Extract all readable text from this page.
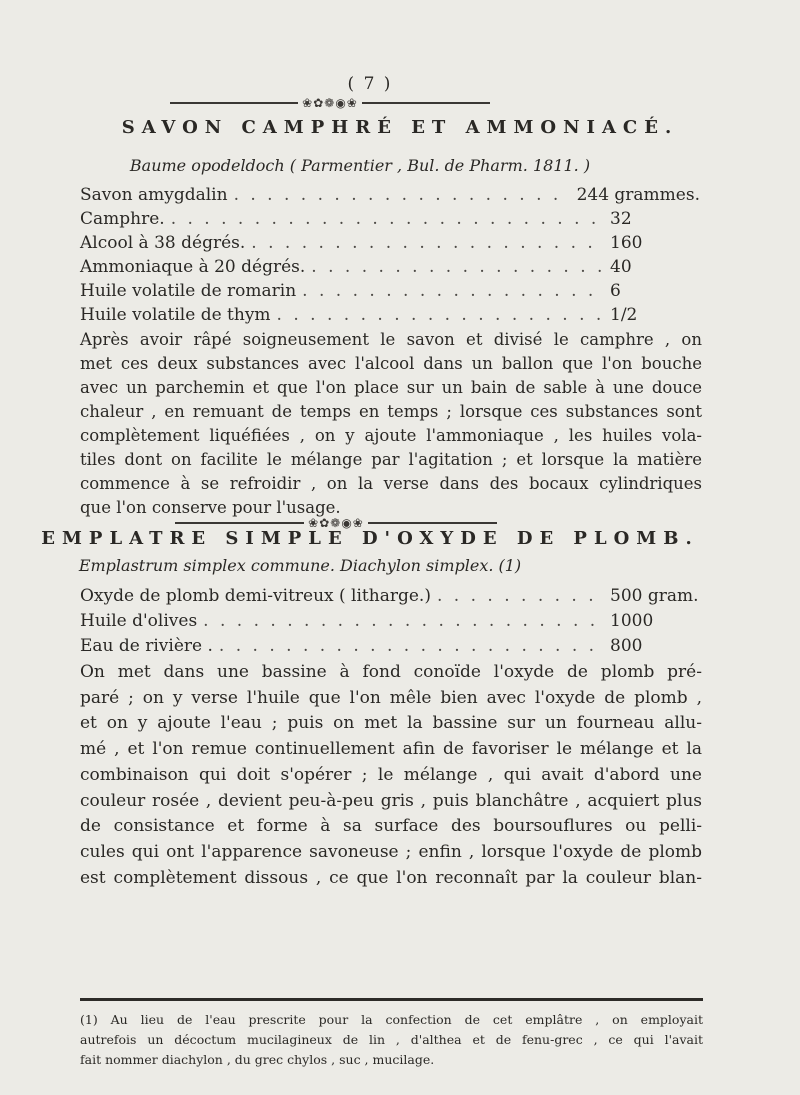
( 7 )
❀✿❁◉❀
SAVON CAMPHRÉ ET AMMONIACÉ.
Baume opodeldoch ( Parmentier , Bul. de Pharm. 1811. )
Savon amygdalin . . .	244 grammes.
Camphre. . . .	32
Alcool à 38 dégrés. . . .	160
Ammoniaque à 20 dégrés. . . .	40
Huile volatile de romarin . . .	6
Huile volatile de thym . . .	1/2
Après avoir râpé soigneusement le savon et divisé le camphre , on
met ces deux substances avec l'alcool dans un ballon que l'on bouche
avec un parchemin et que l'on place sur un bain de sable à une douce
chaleur , en remuant de temps en temps ; lorsque ces substances sont
complètement liquéfiées , on y ajoute l'ammoniaque , les huiles vola-
tiles dont on facilite le mélange par l'agitation ; et lorsque la matière
commence à se refroidir , on la verse dans des bocaux cylindriques
que l'on conserve pour l'usage.
❀✿❁◉❀
EMPLATRE SIMPLE D'OXYDE DE PLOMB.
Emplastrum simplex commune. Diachylon simplex. (1)
Oxyde de plomb demi-vitreux ( litharge.) . . .	500 gram.
Huile d'olives . . .	1000
Eau de rivière . . . .	800
On met dans une bassine à fond conoïde l'oxyde de plomb pré-
paré ; on y verse l'huile que l'on mêle bien avec l'oxyde de plomb ,
et on y ajoute l'eau ; puis on met la bassine sur un fourneau allu-
mé , et l'on remue continuellement afin de favoriser le mélange et la
combinaison qui doit s'opérer ; le mélange , qui avait d'abord une
couleur rosée , devient peu-à-peu gris , puis blanchâtre , acquiert plus
de consistance et forme à sa surface des boursouflures ou pelli-
cules qui ont l'apparence savoneuse ; enfin , lorsque l'oxyde de plomb
est complètement dissous , ce que l'on reconnaît par la couleur blan-
(1) Au lieu de l'eau prescrite pour la confection de cet emplâtre , on employait
autrefois un décoctum mucilagineux de lin , d'althea et de fenu-grec , ce qui l'avait
fait nommer diachylon , du grec chylos , suc , mucilage.
